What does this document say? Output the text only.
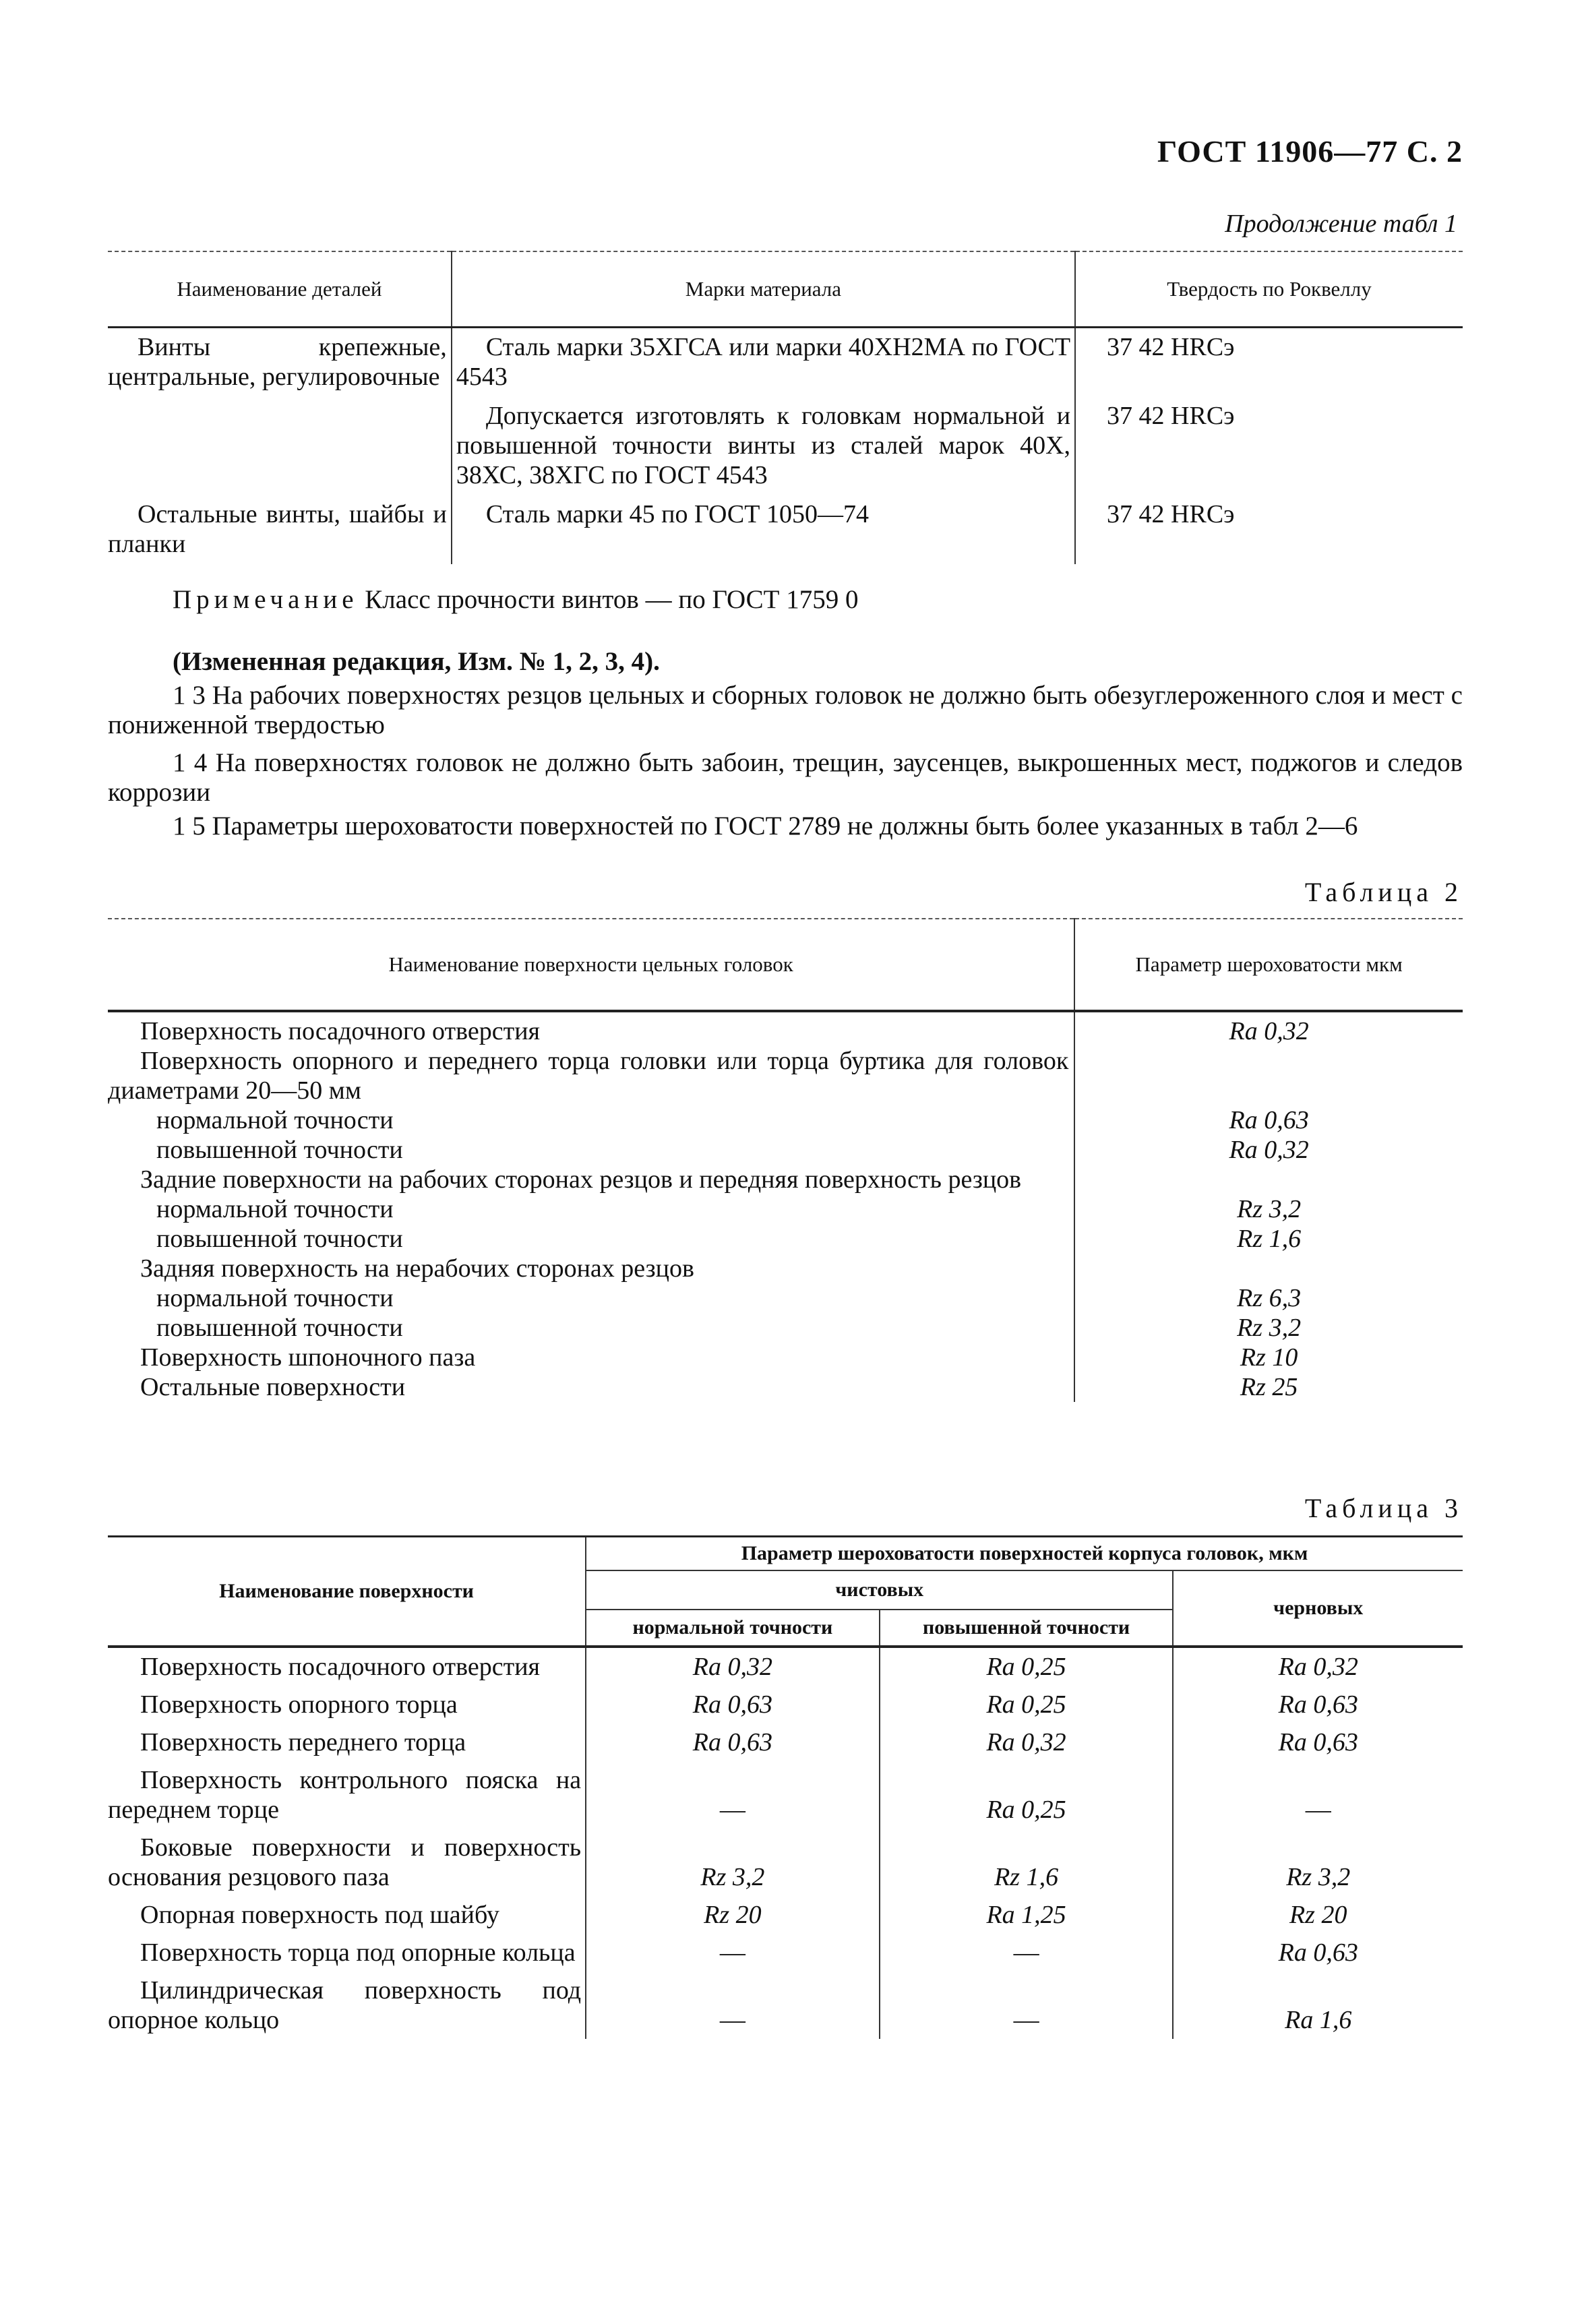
ГОСТ 11906—77 С. 2
Продолжение табл 1
Наименование деталей	Марки материала	Твердость по Роквеллу
Винты крепежные, центральные, регулировочные	Сталь марки 35ХГСА или марки 40ХН2МА по ГОСТ 4543	37 42 HRCэ
	Допускается изготовлять к головкам нормальной и повышенной точности винты из сталей марок 40Х, 38ХС, 38ХГС по ГОСТ 4543	37 42 HRCэ
Остальные винты, шайбы и планки	Сталь марки 45 по ГОСТ 1050—74	37 42 HRCэ
Примечание Класс прочности винтов — по ГОСТ 1759 0
(Измененная редакция, Изм. № 1, 2, 3, 4).
1 3 На рабочих поверхностях резцов цельных и сборных головок не должно быть обезуглероженного слоя и мест с пониженной твердостью
1 4 На поверхностях головок не должно быть забоин, трещин, заусенцев, выкрошенных мест, поджогов и следов коррозии
1 5 Параметры шероховатости поверхностей по ГОСТ 2789 не должны быть более указанных в табл 2—6
Таблица 2
Наименование поверхности цельных головок	Параметр шероховатости мкм
Поверхность посадочного отверстия	Ra 0,32
Поверхность опорного и переднего торца головки или торца буртика для головок диаметрами 20—50 мм	
нормальной точности	Ra 0,63
повышенной точности	Ra 0,32
Задние поверхности на рабочих сторонах резцов и передняя поверхность резцов	
нормальной точности	Rz 3,2
повышенной точности	Rz 1,6
Задняя поверхность на нерабочих сторонах резцов	
нормальной точности	Rz 6,3
повышенной точности	Rz 3,2
Поверхность шпоночного паза	Rz 10
Остальные поверхности	Rz 25
Таблица 3
Наименование поверхности	Параметр шероховатости поверхностей корпуса головок, мкм		
	чистовых		черновых
	нормальной точности	повышенной точности	
Поверхность посадочного отверстия	Ra 0,32	Ra 0,25	Ra 0,32
Поверхность опорного торца	Ra 0,63	Ra 0,25	Ra 0,63
Поверхность переднего торца	Ra 0,63	Ra 0,32	Ra 0,63
Поверхность контрольного пояска на переднем торце	—	Ra 0,25	—
Боковые поверхности и поверхность основания резцового паза	Rz 3,2	Rz 1,6	Rz 3,2
Опорная поверхность под шайбу	Rz 20	Ra 1,25	Rz 20
Поверхность торца под опорные кольца	—	—	Ra 0,63
Цилиндрическая поверхность под опорное кольцо	—	—	Ra 1,6
